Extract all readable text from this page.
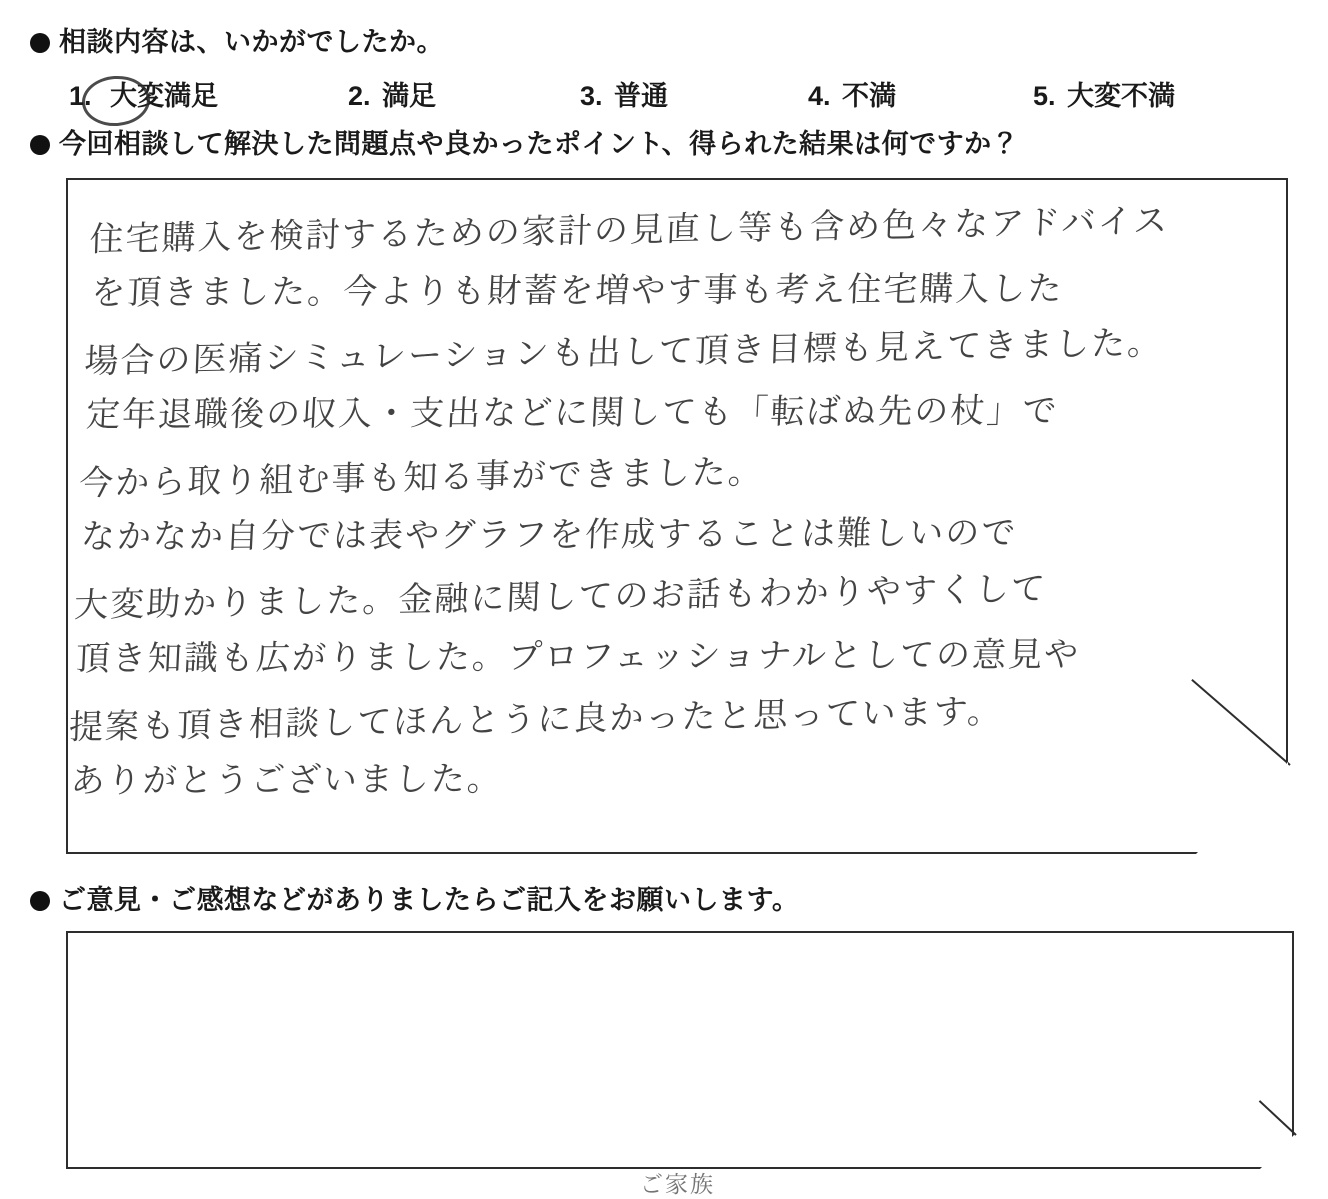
相談内容は、いかがでしたか。
1. 大変満足	2. 満足	3. 普通	4. 不満	5. 大変不満
今回相談して解決した問題点や良かったポイント、得られた結果は何ですか？
住宅購入を検討するための家計の見直し等も含め色々なアドバイス
を頂きました。今よりも財蓄を増やす事も考え住宅購入した
場合の医痛シミュレーションも出して頂き目標も見えてきました。
定年退職後の収入・支出などに関しても「転ばぬ先の杖」で
今から取り組む事も知る事ができました。
なかなか自分では表やグラフを作成することは難しいので
大変助かりました。金融に関してのお話もわかりやすくして
頂き知識も広がりました。プロフェッショナルとしての意見や
提案も頂き相談してほんとうに良かったと思っています。
ありがとうございました。
ご意見・ご感想などがありましたらご記入をお願いします。
ご家族
